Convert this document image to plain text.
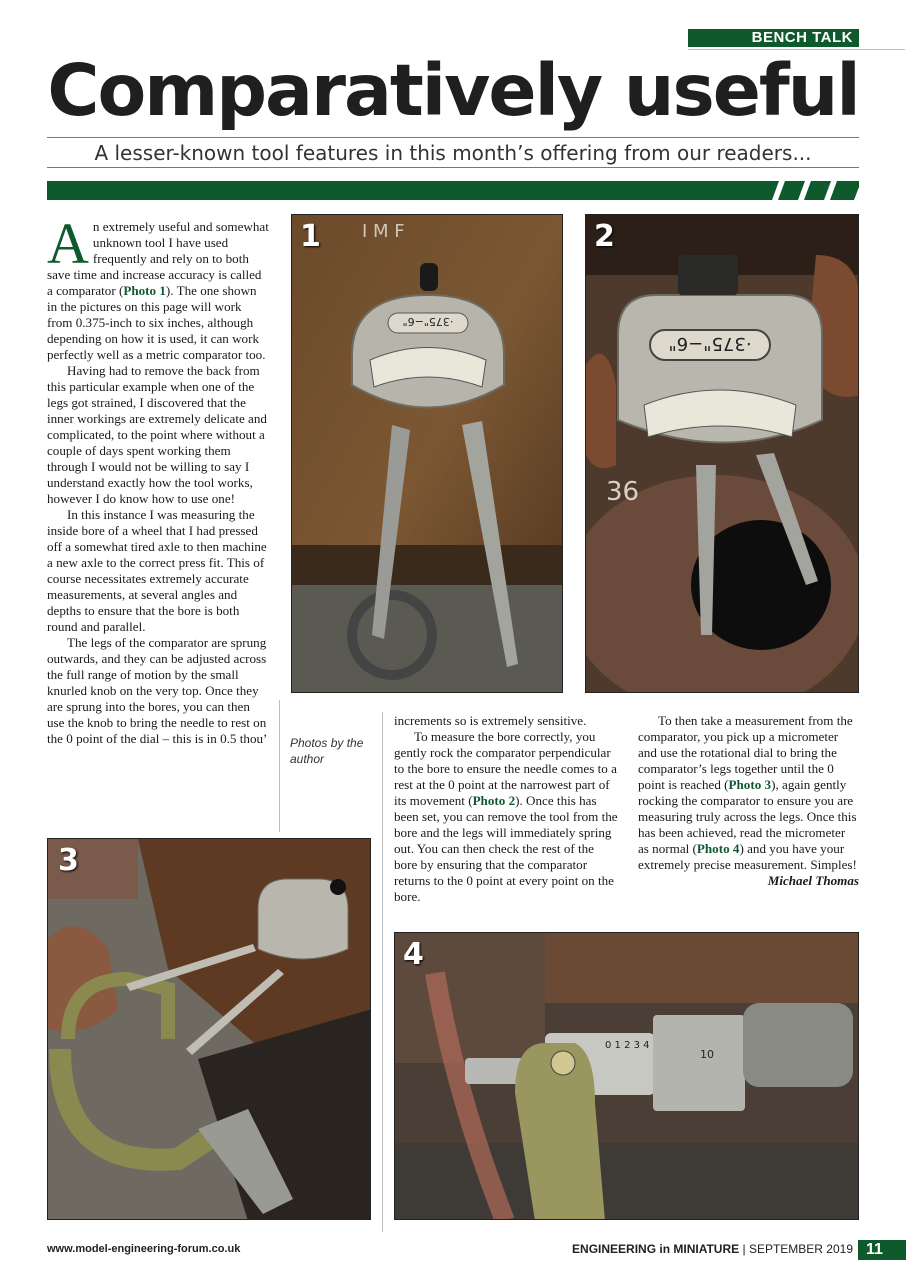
BENCH TALK
Comparatively useful
A lesser-known tool features in this month’s offering from our readers...

An extremely useful and somewhat unknown tool I have used frequently and rely on to both save time and increase accuracy is called a comparator (Photo 1). The one shown in the pictures on this page will work from 0.375-inch to six inches, although depending on how it is used, it can work perfectly well as a metric comparator too.

Having had to remove the back from this particular example when one of the legs got strained, I discovered that the inner workings are extremely delicate and complicated, to the point where without a couple of days spent working them through I would not be willing to say I understand exactly how the tool works, however I do know how to use one!

In this instance I was measuring the inside bore of a wheel that I had pressed off a somewhat tired axle to then machine a new axle to the correct press fit. This of course necessitates extremely accurate measurements, at several angles and depths to ensure that the bore is both round and parallel.

The legs of the comparator are sprung outwards, and they can be adjusted across the full range of motion by the small knurled knob on the very top. Once they are sprung into the bores, you can then use the knob to bring the needle to rest on the 0 point of the dial – this is in 0.5 thou’ Photos by the author
I M F
·375"−6"
1
36
·375"−6"
2
3

increments so is extremely sensitive.

To measure the bore correctly, you gently rock the comparator perpendicular to the bore to ensure the needle comes to a rest at the 0 point at the narrowest part of its movement (Photo 2). Once this has been set, you can remove the tool from the bore and the legs will immediately spring out. You can then check the rest of the bore by ensuring that the comparator returns to the 0 point at every point on the bore.

To then take a measurement from the comparator, you pick up a micrometer and use the rotational dial to bring the comparator’s legs together until the 0 point is reached (Photo 3), again gently rocking the comparator to ensure you are measuring truly across the legs. Once this has been achieved, read the micrometer as normal (Photo 4) and you have your extremely precise measurement. Simples!

Michael Thomas
0 1 2 3 4
10
4
www.model-engineering-forum.co.uk	ENGINEERING in MINIATURE | SEPTEMBER 2019 11
